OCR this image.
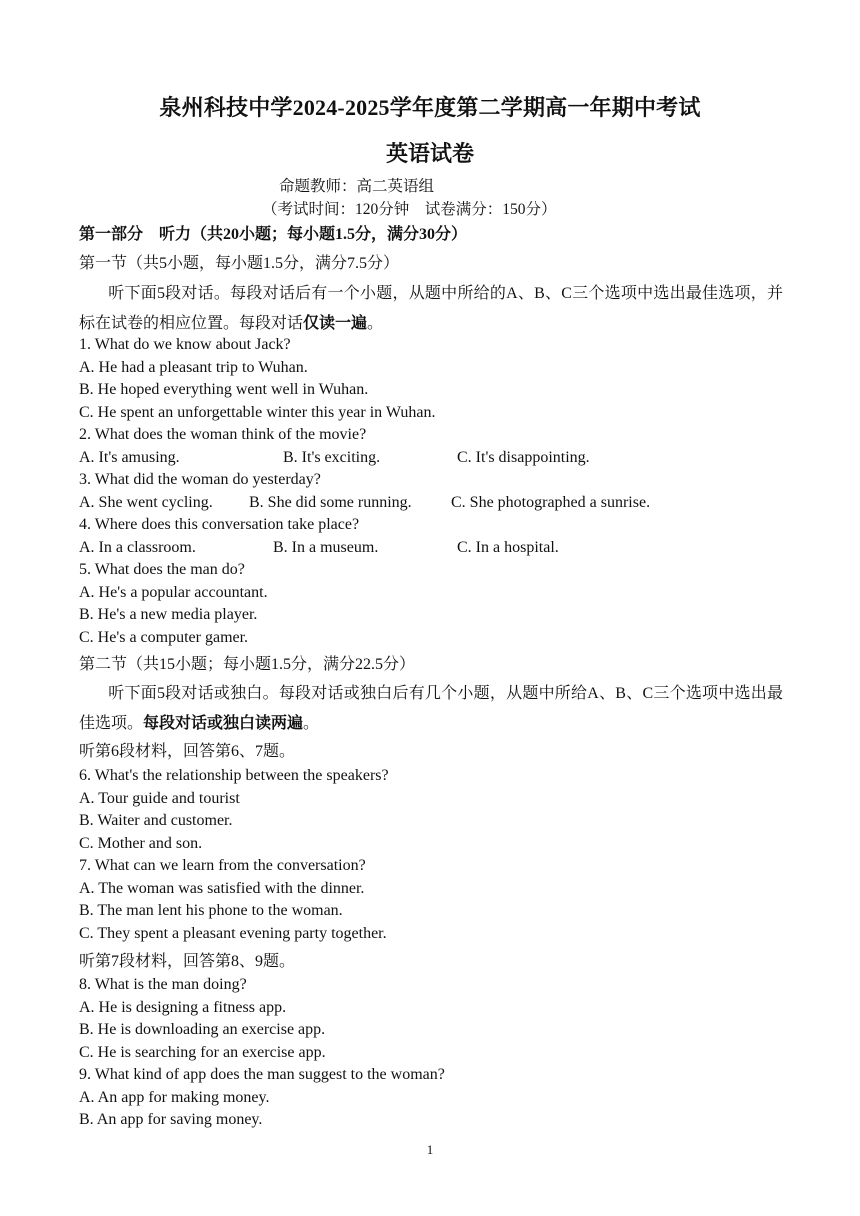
泉州科技中学2024-2025学年度第二学期高一年期中考试
英语试卷
命题教师：高二英语组
（考试时间：120分钟　试卷满分：150分）
第一部分　听力（共20小题；每小题1.5分，满分30分）
第一节（共5小题，每小题1.5分，满分7.5分）
听下面5段对话。每段对话后有一个小题，从题中所给的A、B、C三个选项中选出最佳选项，并标在试卷的相应位置。每段对话仅读一遍。
1. What do we know about Jack?
A. He had a pleasant trip to Wuhan.
B. He hoped everything went well in Wuhan.
C. He spent an unforgettable winter this year in Wuhan.
2. What does the woman think of the movie?
A. It's amusing.	B. It's exciting.	C. It's disappointing.
3. What did the woman do yesterday?
A. She went cycling. B. She did some running. C. She photographed a sunrise.
4. Where does this conversation take place?
A. In a classroom.	B. In a museum.	C. In a hospital.
5. What does the man do?
A. He's a popular accountant.
B. He's a new media player.
C. He's a computer gamer.
第二节（共15小题；每小题1.5分，满分22.5分）
听下面5段对话或独白。每段对话或独白后有几个小题，从题中所给A、B、C三个选项中选出最佳选项。每段对话或独白读两遍。
听第6段材料，回答第6、7题。
6. What's the relationship between the speakers?
A. Tour guide and tourist
B. Waiter and customer.
C. Mother and son.
7. What can we learn from the conversation?
A. The woman was satisfied with the dinner.
B. The man lent his phone to the woman.
C. They spent a pleasant evening party together.
听第7段材料，回答第8、9题。
8. What is the man doing?
A. He is designing a fitness app.
B. He is downloading an exercise app.
C. He is searching for an exercise app.
9. What kind of app does the man suggest to the woman?
A. An app for making money.
B. An app for saving money.
1
